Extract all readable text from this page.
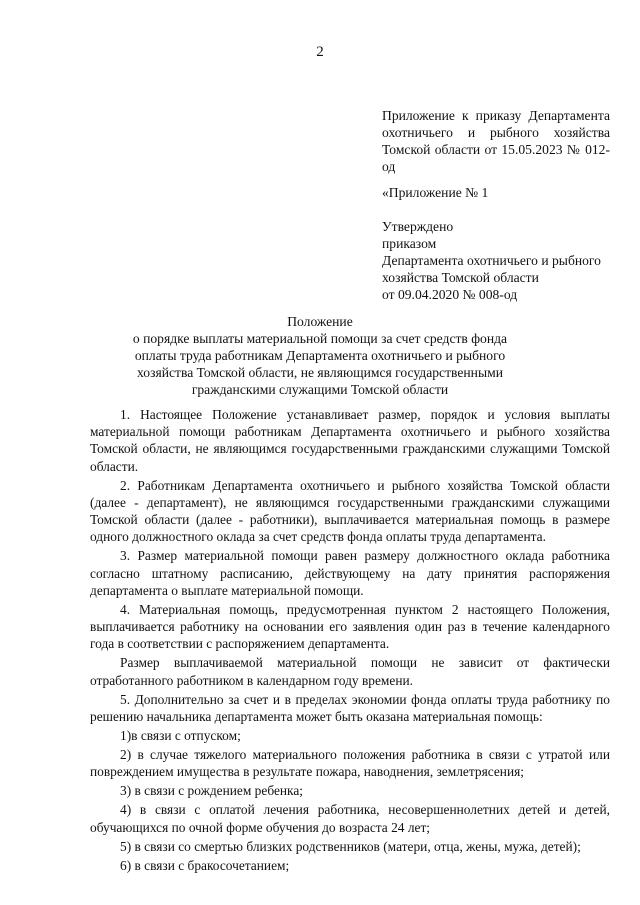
2
Приложение к приказу Департамента охотничьего и рыбного хозяйства Томской области от 15.05.2023 № 012-од
«Приложение № 1
Утверждено
приказом
Департамента охотничьего и рыбного хозяйства Томской области
от 09.04.2020 № 008-од
Положение
о порядке выплаты материальной помощи за счет средств фонда
оплаты труда работникам Департамента охотничьего и рыбного
хозяйства Томской области, не являющимся государственными
гражданскими служащими Томской области

1. Настоящее Положение устанавливает размер, порядок и условия выплаты материальной помощи работникам Департамента охотничьего и рыбного хозяйства Томской области, не являющимся государственными гражданскими служащими Томской области.

2. Работникам Департамента охотничьего и рыбного хозяйства Томской области (далее - департамент), не являющимся государственными гражданскими служащими Томской области (далее - работники), выплачивается материальная помощь в размере одного должностного оклада за счет средств фонда оплаты труда департамента.

3. Размер материальной помощи равен размеру должностного оклада работника согласно штатному расписанию, действующему на дату принятия распоряжения департамента о выплате материальной помощи.

4. Материальная помощь, предусмотренная пунктом 2 настоящего Положения, выплачивается работнику на основании его заявления один раз в течение календарного года в соответствии с распоряжением департамента.

Размер выплачиваемой материальной помощи не зависит от фактически отработанного работником в календарном году времени.

5. Дополнительно за счет и в пределах экономии фонда оплаты труда работнику по решению начальника департамента может быть оказана материальная помощь:

1)в связи с отпуском;

2) в случае тяжелого материального положения работника в связи с утратой или повреждением имущества в результате пожара, наводнения, землетрясения;

3) в связи с рождением ребенка;

4) в связи с оплатой лечения работника, несовершеннолетних детей и детей, обучающихся по очной форме обучения до возраста 24 лет;

5) в связи со смертью близких родственников (матери, отца, жены, мужа, детей);

6) в связи с бракосочетанием;
